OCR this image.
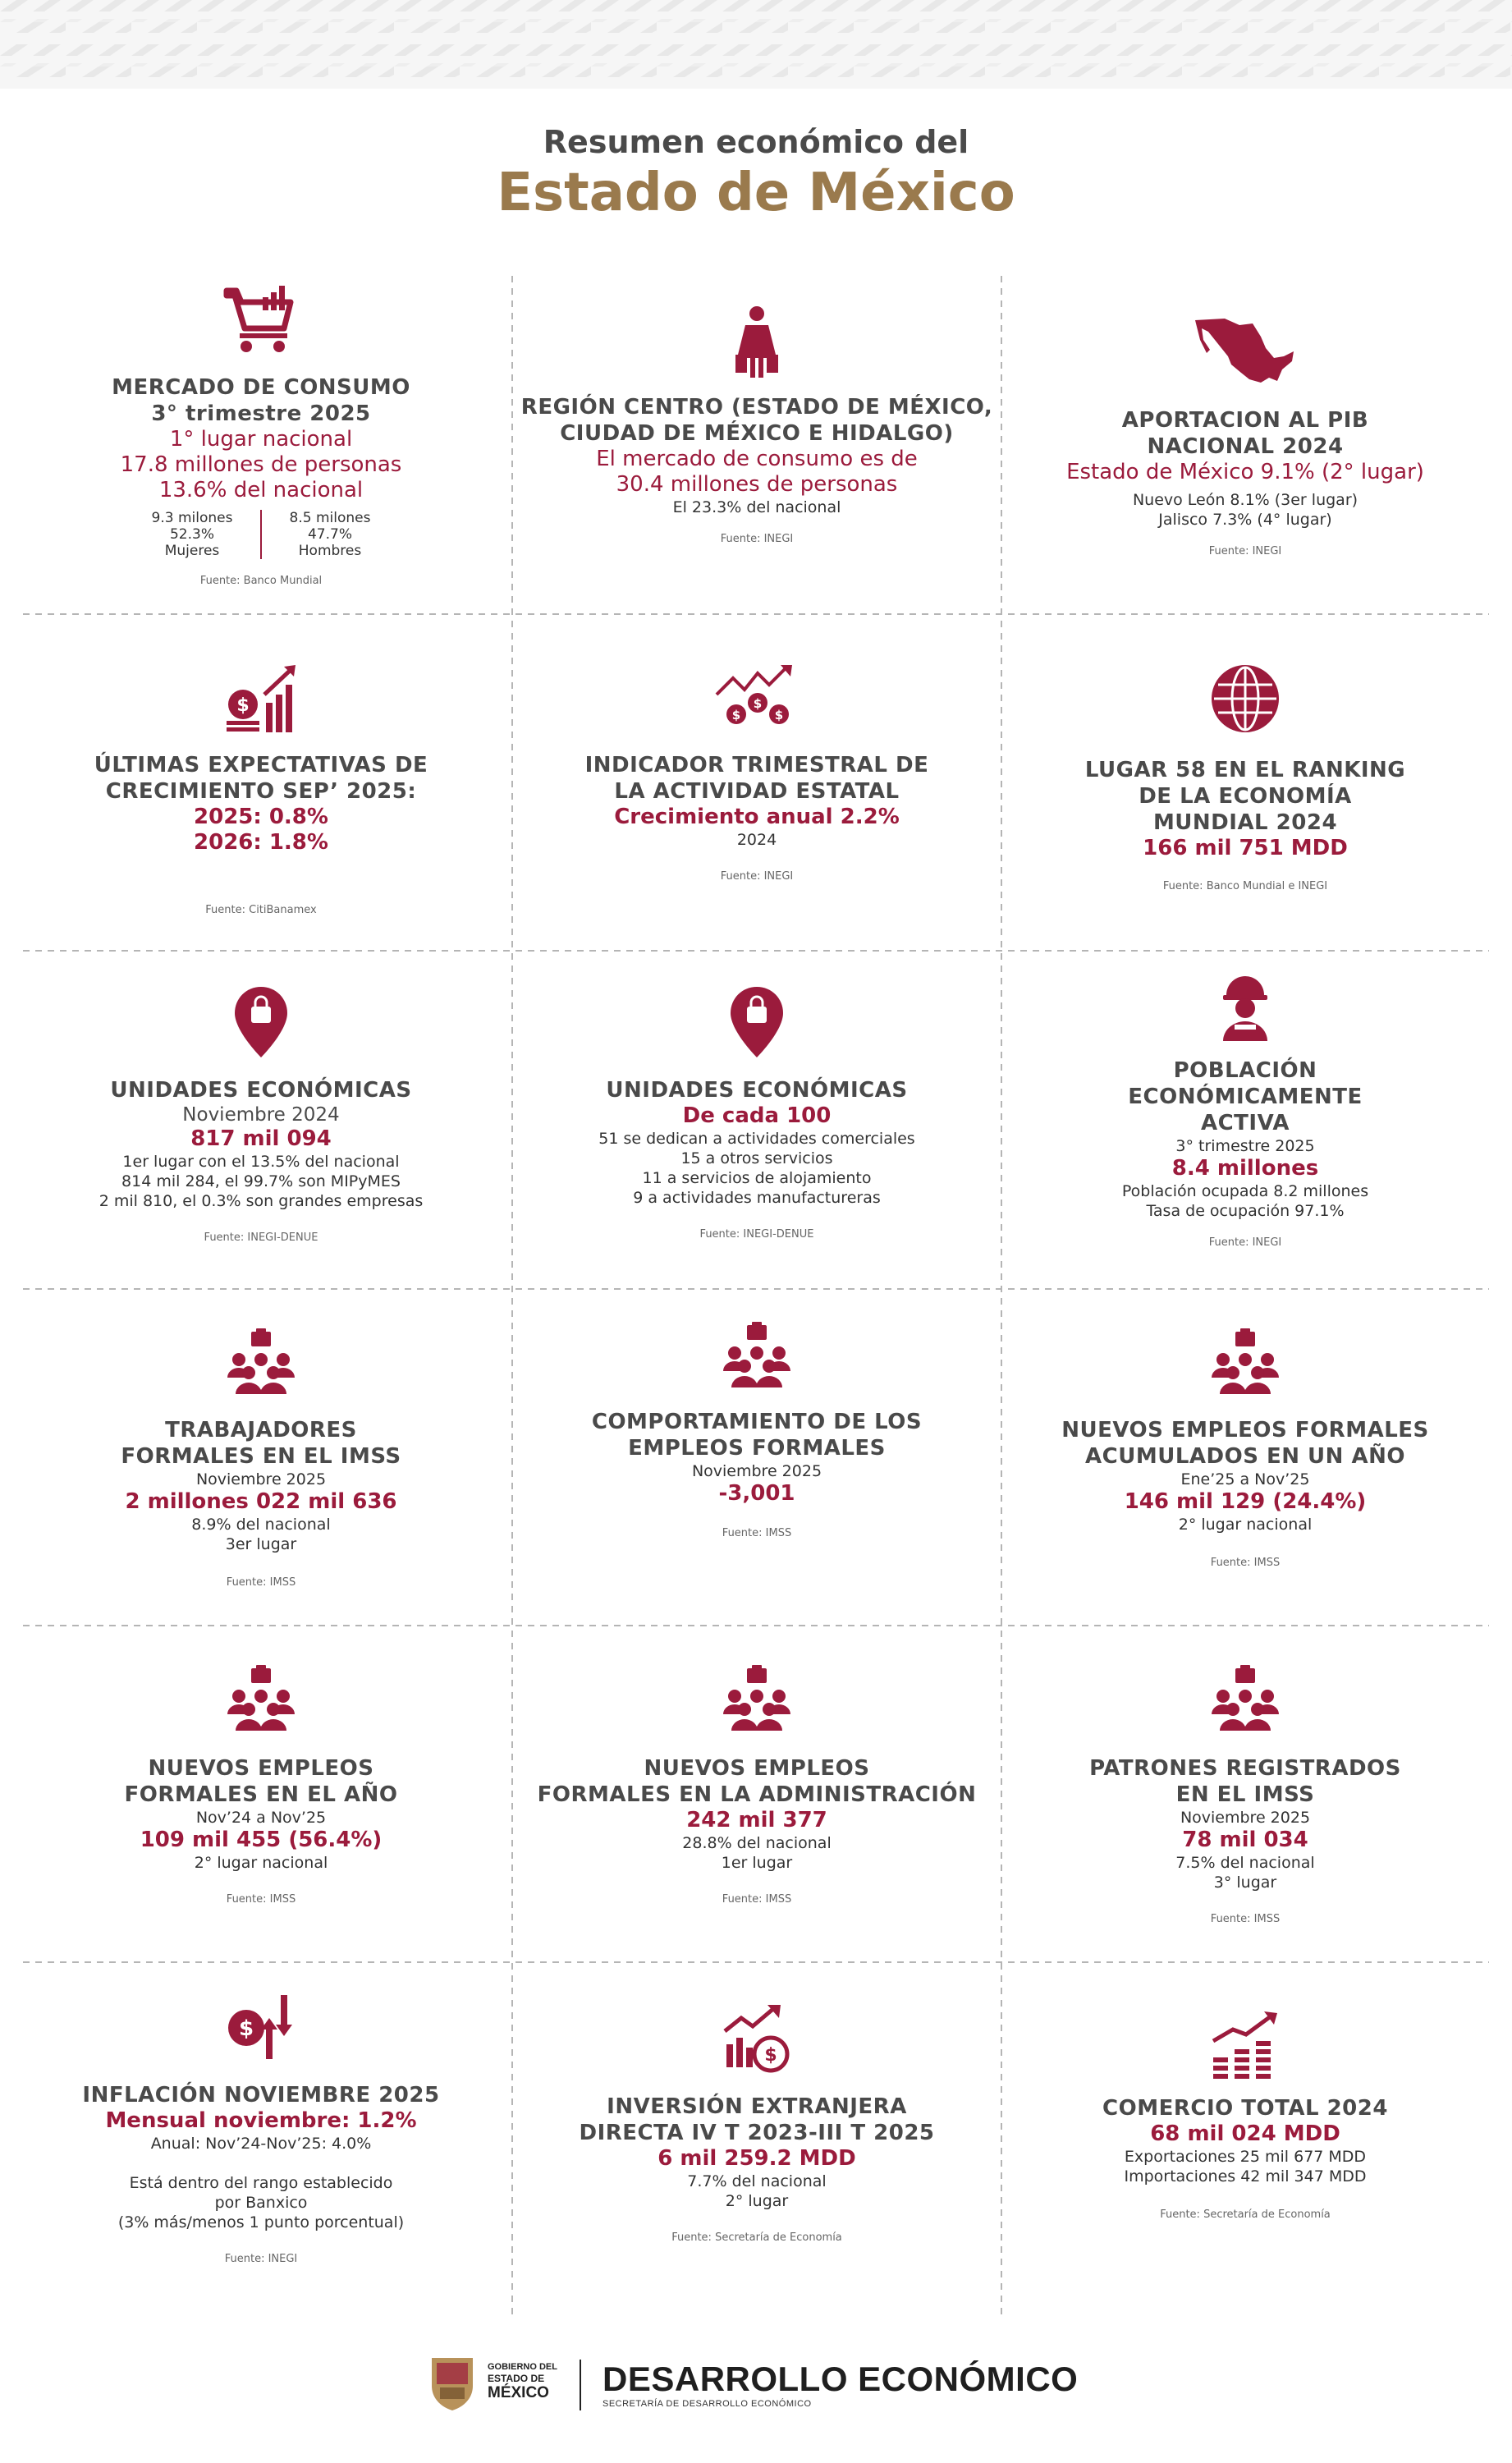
Resumen económico del
Estado de México
MERCADO DE CONSUMO
3° trimestre 2025
1° lugar nacional
17.8 millones de personas
13.6% del nacional
9.3 milones
52.3%
Mujeres
8.5 milones
47.7%
Hombres
Fuente: Banco Mundial
REGIÓN CENTRO (ESTADO DE MÉXICO,
CIUDAD DE MÉXICO E HIDALGO)
El mercado de consumo es de
30.4 millones de personas
El 23.3% del nacional
Fuente: INEGI
APORTACION AL PIB
NACIONAL 2024
Estado de México 9.1% (2° lugar)
Nuevo León 8.1% (3er lugar)
Jalisco 7.3% (4° lugar)
Fuente: INEGI
$
ÚLTIMAS EXPECTATIVAS DE
CRECIMIENTO SEP’ 2025:
2025: 0.8%
2026: 1.8%
Fuente: CitiBanamex
$
$
$
INDICADOR TRIMESTRAL DE
LA ACTIVIDAD ESTATAL
Crecimiento anual 2.2%
2024
Fuente: INEGI
LUGAR 58 EN EL RANKING
DE LA ECONOMÍA
MUNDIAL 2024
166 mil 751 MDD
Fuente: Banco Mundial e INEGI
UNIDADES ECONÓMICAS
Noviembre 2024
817 mil 094
1er lugar con el 13.5% del nacional
814 mil 284, el 99.7% son MIPyMES
2 mil 810, el 0.3% son grandes empresas
Fuente: INEGI-DENUE
UNIDADES ECONÓMICAS
De cada 100
51 se dedican a actividades comerciales
15 a otros servicios
11 a servicios de alojamiento
9 a actividades manufactureras
Fuente: INEGI-DENUE
POBLACIÓN
ECONÓMICAMENTE
ACTIVA
3° trimestre 2025
8.4 millones
Población ocupada 8.2 millones
Tasa de ocupación 97.1%
Fuente: INEGI
TRABAJADORES
FORMALES EN EL IMSS
Noviembre 2025
2 millones 022 mil 636
8.9% del nacional
3er lugar
Fuente: IMSS
COMPORTAMIENTO DE LOS
EMPLEOS FORMALES
Noviembre 2025
-3,001
Fuente: IMSS
NUEVOS EMPLEOS FORMALES
ACUMULADOS EN UN AÑO
Ene’25 a Nov’25
146 mil 129 (24.4%)
2° lugar nacional
Fuente: IMSS
NUEVOS EMPLEOS
FORMALES EN EL AÑO
Nov’24 a Nov’25
109 mil 455 (56.4%)
2° lugar nacional
Fuente: IMSS
NUEVOS EMPLEOS
FORMALES EN LA ADMINISTRACIÓN
242 mil 377
28.8% del nacional
1er lugar
Fuente: IMSS
PATRONES REGISTRADOS
EN EL IMSS
Noviembre 2025
78 mil 034
7.5% del nacional
3° lugar
Fuente: IMSS
$
INFLACIÓN NOVIEMBRE 2025
Mensual noviembre: 1.2%
Anual: Nov’24-Nov’25: 4.0%
Está dentro del rango establecido
por Banxico
(3% más/menos 1 punto porcentual)
Fuente: INEGI
$
INVERSIÓN EXTRANJERA
DIRECTA IV T 2023-III T 2025
6 mil 259.2 MDD
7.7% del nacional
2° lugar
Fuente: Secretaría de Economía
COMERCIO TOTAL 2024
68 mil 024 MDD
Exportaciones 25 mil 677 MDD
Importaciones 42 mil 347 MDD
Fuente: Secretaría de Economía
GOBIERNO DEL
ESTADO DE
MÉXICO DESARROLLO ECONÓMICO
SECRETARÍA DE DESARROLLO ECONÓMICO
